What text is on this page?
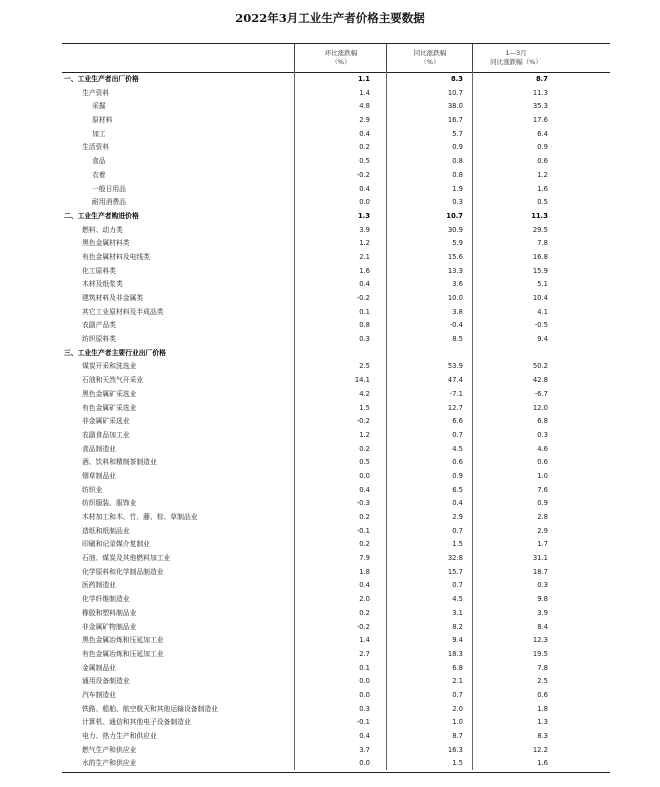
2022年3月工业生产者价格主要数据
环比涨跌幅
（%）
同比涨跌幅
（%）
1—3月
同比涨跌幅（%）
一、工业生产者出厂价格	1.1	8.3	8.7
生产资料	1.4	10.7	11.3
采掘	4.8	38.0	35.3
原材料	2.9	16.7	17.6
加工	0.4	5.7	6.4
生活资料	0.2	0.9	0.9
食品	0.5	0.8	0.6
衣着	-0.2	0.8	1.2
一般日用品	0.4	1.9	1.6
耐用消费品	0.0	0.3	0.5
二、工业生产者购进价格	1.3	10.7	11.3
燃料、动力类	3.9	30.9	29.5
黑色金属材料类	1.2	5.9	7.8
有色金属材料及电线类	2.1	15.6	16.8
化工原料类	1.6	13.3	15.9
木材及纸浆类	0.4	3.6	5.1
建筑材料及非金属类	-0.2	10.0	10.4
其它工业原材料及半成品类	0.1	3.8	4.1
农副产品类	0.8	-0.4	-0.5
纺织原料类	0.3	8.5	9.4
三、工业生产者主要行业出厂价格
煤炭开采和洗选业	2.5	53.9	50.2
石油和天然气开采业	14.1	47.4	42.8
黑色金属矿采选业	4.2	-7.1	-6.7
有色金属矿采选业	1.5	12.7	12.0
非金属矿采选业	-0.2	6.6	6.8
农副食品加工业	1.2	0.7	0.3
食品制造业	0.2	4.5	4.6
酒、饮料和精制茶制造业	0.5	0.6	0.6
烟草制品业	0.0	0.9	1.0
纺织业	0.4	6.5	7.6
纺织服装、服饰业	-0.3	0.4	0.9
木材加工和木、竹、藤、棕、草制品业	0.2	2.9	2.8
造纸和纸制品业	-0.1	0.7	2.9
印刷和记录媒介复制业	0.2	1.5	1.7
石油、煤炭及其他燃料加工业	7.9	32.8	31.1
化学原料和化学制品制造业	1.8	15.7	18.7
医药制造业	0.4	0.7	0.3
化学纤维制造业	2.0	4.5	9.8
橡胶和塑料制品业	0.2	3.1	3.9
非金属矿物制品业	-0.2	8.2	8.4
黑色金属冶炼和压延加工业	1.4	9.4	12.3
有色金属冶炼和压延加工业	2.7	18.3	19.5
金属制品业	0.1	6.8	7.8
通用设备制造业	0.0	2.1	2.5
汽车制造业	0.0	0.7	0.6
铁路、船舶、航空航天和其他运输设备制造业	0.3	2.0	1.8
计算机、通信和其他电子设备制造业	-0.1	1.0	1.3
电力、热力生产和供应业	0.4	8.7	8.3
燃气生产和供应业	3.7	16.3	12.2
水的生产和供应业	0.0	1.5	1.6
